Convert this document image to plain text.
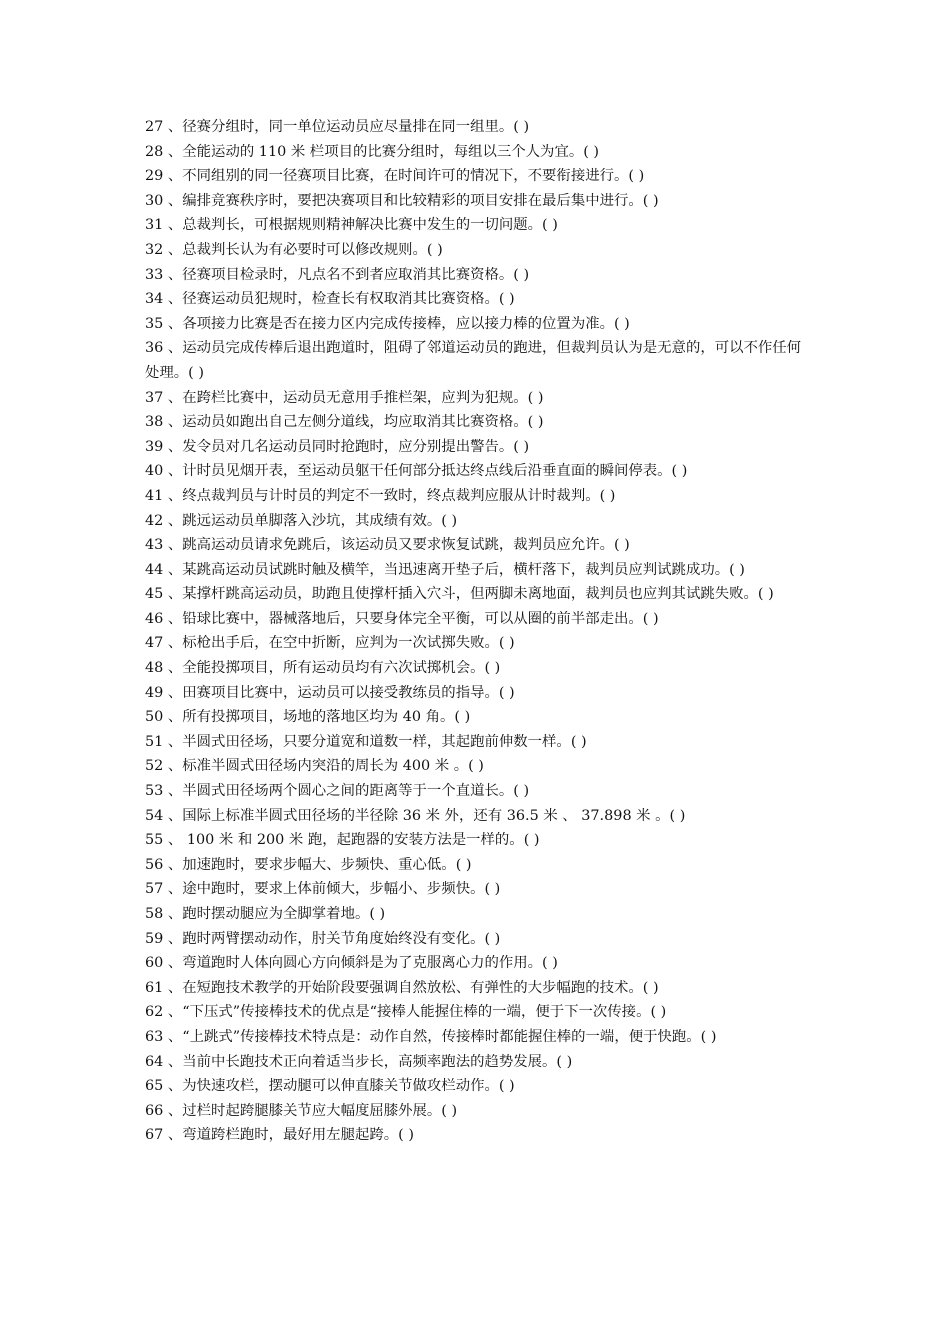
27 、径赛分组时，同一单位运动员应尽量排在同一组里。( )

28 、全能运动的 110 米 栏项目的比赛分组时，每组以三个人为宜。( )

29 、不同组别的同一径赛项目比赛，在时间许可的情况下，不要衔接进行。( )

30 、编排竞赛秩序时，要把决赛项目和比较精彩的项目安排在最后集中进行。( )

31 、总裁判长，可根据规则精神解决比赛中发生的一切问题。( )

32 、总裁判长认为有必要时可以修改规则。( )

33 、径赛项目检录时，凡点名不到者应取消其比赛资格。( )

34 、径赛运动员犯规时，检查长有权取消其比赛资格。( )

35 、各项接力比赛是否在接力区内完成传接棒，应以接力棒的位置为准。( )

36 、运动员完成传棒后退出跑道时，阻碍了邻道运动员的跑进，但裁判员认为是无意的，可以不作任何处理。( )

37 、在跨栏比赛中，运动员无意用手推栏架，应判为犯规。( )

38 、运动员如跑出自己左侧分道线，均应取消其比赛资格。( )

39 、发令员对几名运动员同时抢跑时，应分别提出警告。( )

40 、计时员见烟开表，至运动员躯干任何部分抵达终点线后沿垂直面的瞬间停表。( )

41 、终点裁判员与计时员的判定不一致时，终点裁判应服从计时裁判。( )

42 、跳远运动员单脚落入沙坑，其成绩有效。( )

43 、跳高运动员请求免跳后，该运动员又要求恢复试跳，裁判员应允许。( )

44 、某跳高运动员试跳时触及横竿，当迅速离开垫子后，横杆落下，裁判员应判试跳成功。( )

45 、某撑杆跳高运动员，助跑且使撑杆插入穴斗，但两脚未离地面，裁判员也应判其试跳失败。( )

46 、铅球比赛中，器械落地后，只要身体完全平衡，可以从圈的前半部走出。( )

47 、标枪出手后，在空中折断，应判为一次试掷失败。( )

48 、全能投掷项目，所有运动员均有六次试掷机会。( )

49 、田赛项目比赛中，运动员可以接受教练员的指导。( )

50 、所有投掷项目，场地的落地区均为 40 角。( )

51 、半圆式田径场，只要分道宽和道数一样，其起跑前伸数一样。( )

52 、标准半圆式田径场内突沿的周长为 400 米 。( )

53 、半圆式田径场两个圆心之间的距离等于一个直道长。( )

54 、国际上标准半圆式田径场的半径除 36 米 外，还有 36.5 米 、 37.898 米 。( )

55 、 100 米 和 200 米 跑，起跑器的安装方法是一样的。( )

56 、加速跑时，要求步幅大、步频快、重心低。( )

57 、途中跑时，要求上体前倾大，步幅小、步频快。( )

58 、跑时摆动腿应为全脚掌着地。( )

59 、跑时两臂摆动动作，肘关节角度始终没有变化。( )

60 、弯道跑时人体向圆心方向倾斜是为了克服离心力的作用。( )

61 、在短跑技术教学的开始阶段要强调自然放松、有弹性的大步幅跑的技术。( )

62 、“下压式”传接棒技术的优点是“接棒人能握住棒的一端，便于下一次传接。( )

63 、“上跳式”传接棒技术特点是：动作自然，传接棒时都能握住棒的一端，便于快跑。( )

64 、当前中长跑技术正向着适当步长，高频率跑法的趋势发展。( )

65 、为快速攻栏，摆动腿可以伸直膝关节做攻栏动作。( )

66 、过栏时起跨腿膝关节应大幅度屈膝外展。( )

67 、弯道跨栏跑时，最好用左腿起跨。( )
